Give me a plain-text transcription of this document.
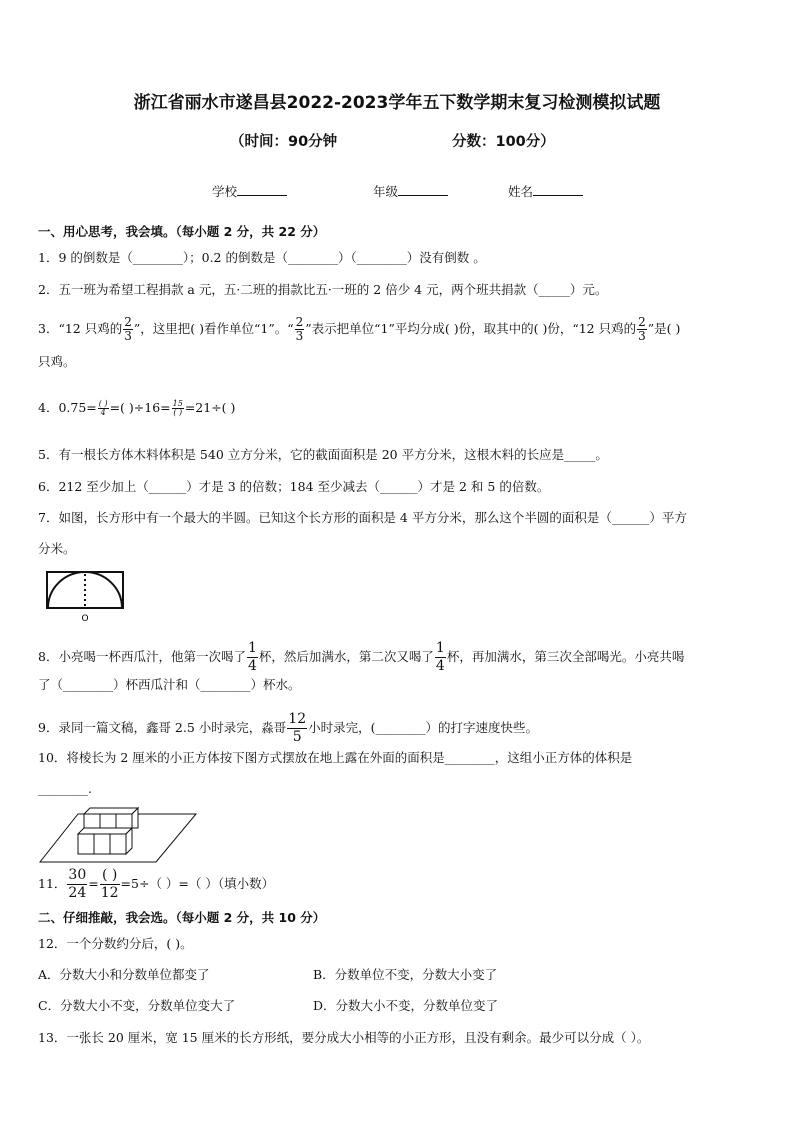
浙江省丽水市遂昌县2022-2023学年五下数学期末复习检测模拟试题
（时间：90分钟	分数：100分）
学校	年级	姓名
一、用心思考，我会填。（每小题 2 分，共 22 分）
1．9 的倒数是（________）；0.2 的倒数是（________）（________）没有倒数 。
2．五一班为希望工程捐款 a 元，五·二班的捐款比五·一班的 2 倍少 4 元，两个班共捐款（_____）元。
3．“12 只鸡的 $\frac{2}{3}$ ”，这里把( )看作单位“1”。“ $\frac{2}{3}$ ”表示把单位“1”平均分成( )份，取其中的( )份，“12 只鸡的 $\frac{2}{3}$ ”是( )
只鸡。
4．$0.75= \frac{( )}{4}$ =( )$\div 16= \frac{15}{( )} =21\div$( )
5．有一根长方体木料体积是 540 立方分米，它的截面面积是 20 平方分米，这根木料的长应是_____。
6．212 至少加上（______）才是 3 的倍数；184 至少减去（______）才是 2 和 5 的倍数。
7．如图，长方形中有一个最大的半圆。已知这个长方形的面积是 4 平方分米，那么这个半圆的面积是（______）平方
分米。
O
8．小亮喝一杯西瓜汁，他第一次喝了 $\frac{1}{4}$ 杯，然后加满水，第二次又喝了 $\frac{1}{4}$ 杯，再加满水，第三次全部喝光。小亮共喝
了（________）杯西瓜汁和（________）杯水。
9．录同一篇文稿，鑫哥 2.5 小时录完，淼哥 $\frac{12}{5}$ 小时录完，(________）的打字速度快些。
10．将棱长为 2 厘米的小正方体按下图方式摆放在地上露在外面的面积是________，这组小正方体的体积是
________.
11． $\frac{30}{24} = \frac{( )}{12} =5\div$（ ）=（ ）（填小数）
二、仔细推敲，我会选。（每小题 2 分，共 10 分）
12．一个分数约分后，( )。
A．分数大小和分数单位都变了	B．分数单位不变，分数大小变了
C．分数大小不变，分数单位变大了	D．分数大小不变，分数单位变了
13．一张长 20 厘米，宽 15 厘米的长方形纸，要分成大小相等的小正方形，且没有剩余。最少可以分成（ ）。
